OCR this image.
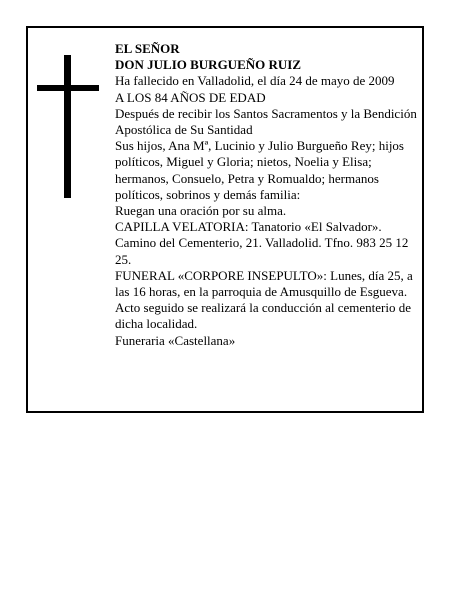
EL SEÑOR

DON JULIO BURGUEÑO RUIZ

Ha fallecido en Valladolid, el día 24 de mayo de 2009

A LOS 84 AÑOS DE EDAD

Después de recibir los Santos Sacramentos y la Bendición Apostólica de Su Santidad

Sus hijos, Ana Mª, Lucinio y Julio Burgueño Rey; hijos políticos, Miguel y Gloria; nietos, Noelia y Elisa; hermanos, Consuelo, Petra y Romualdo; hermanos políticos, sobrinos y demás familia:

Ruegan una oración por su alma.

CAPILLA VELATORIA: Tanatorio «El Salvador». Camino del Cementerio, 21. Valladolid. Tfno. 983 25 12 25.

FUNERAL «CORPORE INSEPULTO»: Lunes, día 25, a las 16 horas, en la parroquia de Amusquillo de Esgueva. Acto seguido se realizará la conducción al cementerio de dicha localidad.

Funeraria «Castellana»
